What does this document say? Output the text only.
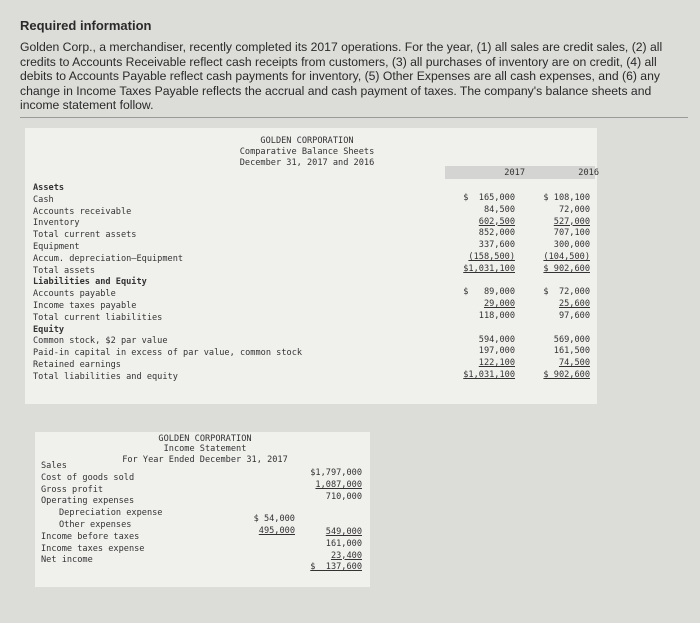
Required information
Golden Corp., a merchandiser, recently completed its 2017 operations. For the year, (1) all sales are credit sales, (2) all credits to Accounts Receivable reflect cash receipts from customers, (3) all purchases of inventory are on credit, (4) all debits to Accounts Payable reflect cash payments for inventory, (5) Other Expenses are all cash expenses, and (6) any change in Income Taxes Payable reflects the accrual and cash payment of taxes. The company's balance sheets and income statement follow.
GOLDEN CORPORATION
Comparative Balance Sheets
December 31, 2017 and 2016
2017	2016
Assets
Cash
Accounts receivable
Inventory
Total current assets
Equipment
Accum. depreciation—Equipment
Total assets
Liabilities and Equity
Accounts payable
Income taxes payable
Total current liabilities
Equity
Common stock, $2 par value
Paid-in capital in excess of par value, common stock
Retained earnings
Total liabilities and equity
$  165,000
84,500
602,500
852,000
337,600
(158,500)
$1,031,100
$   89,000
29,000
118,000
594,000
197,000
122,100
$1,031,100
$ 108,100
72,000
527,000
707,100
300,000
(104,500)
$ 902,600
$  72,000
25,600
97,600
569,000
161,500
74,500
$ 902,600
GOLDEN CORPORATION
Income Statement
For Year Ended December 31, 2017
Sales
Cost of goods sold
Gross profit
Operating expenses
Depreciation expense
Other expenses
Income before taxes
Income taxes expense
Net income
$ 54,000
495,000
$1,797,000
1,087,000
710,000
549,000
161,000
23,400
$  137,600
